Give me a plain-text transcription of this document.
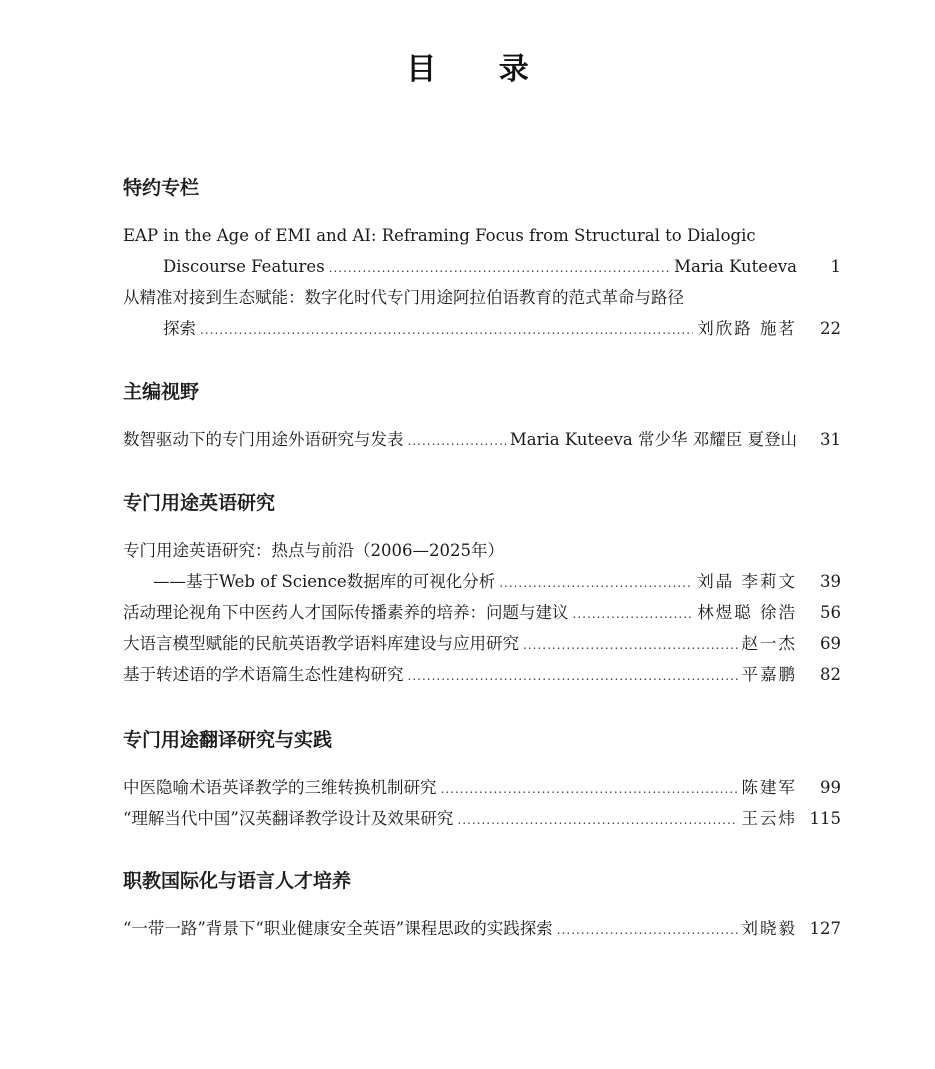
目 录
特约专栏
EAP in the Age of EMI and AI: Reframing Focus from Structural to Dialogic
Discourse Features .....	Maria Kuteeva	1
从精准对接到生态赋能：数字化时代专门用途阿拉伯语教育的范式革命与路径
探索 .....	刘欣路 施茗	22
主编视野
数智驱动下的专门用途外语研究与发表 .....	Maria Kuteeva 常少华 邓耀臣 夏登山	31
专门用途英语研究
专门用途英语研究：热点与前沿（2006—2025年）
——基于Web of Science数据库的可视化分析 .....	刘晶 李莉文	39
活动理论视角下中医药人才国际传播素养的培养：问题与建议 .....	林煜聪 徐浩	56
大语言模型赋能的民航英语教学语料库建设与应用研究 .....	赵一杰	69
基于转述语的学术语篇生态性建构研究 .....	平嘉鹏	82
专门用途翻译研究与实践
中医隐喻术语英译教学的三维转换机制研究 .....	陈建军	99
“理解当代中国”汉英翻译教学设计及效果研究 .....	王云炜 115
职教国际化与语言人才培养
“一带一路”背景下“职业健康安全英语”课程思政的实践探索 .....	刘晓毅 127
